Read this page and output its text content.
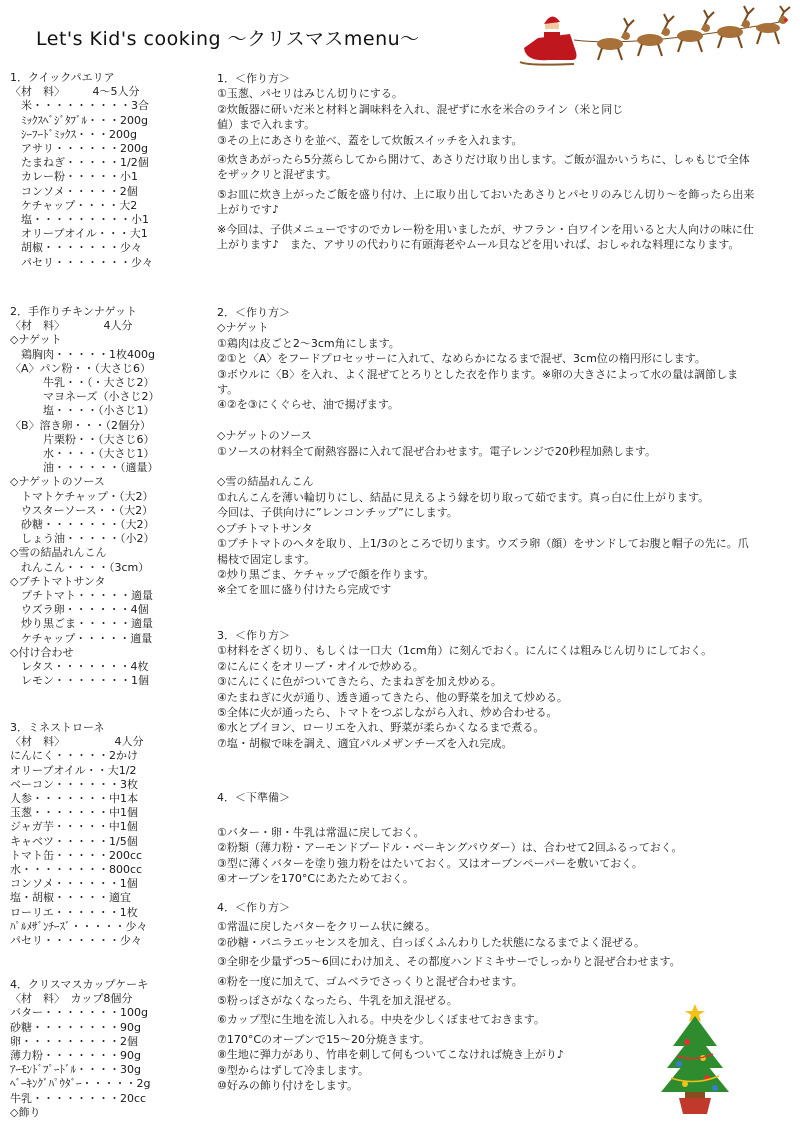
Let's Kid's cooking ～クリスマスmenu～
1．クイックパエリア
〈材　料〉　　　4～5人分
　米・・・・・・・・・3合
　ﾐｯｸｽﾍﾞｼﾞﾀﾌﾞﾙ・・・200g
　ｼｰﾌｰﾄﾞﾐｯｸｽ・・・200g
　アサリ・・・・・・200g
　たまねぎ・・・・・1/2個
　カレー粉・・・・・小1
　コンソメ・・・・・2個
　ケチャップ・・・・大2
　塩・・・・・・・・・小1
　オリーブオイル・・・大1
　胡椒・・・・・・・少々
　パセリ・・・・・・・少々
1．＜作り方＞
①玉葱、パセリはみじん切りにする。
②炊飯器に研いだ米と材料と調味料を入れ、混ぜずに水を米合のライン（米と同じ
値）まで入れます。
③その上にあさりを並べ、蓋をして炊飯スイッチを入れます。
④炊きあがったら5分蒸らしてから開けて、あさりだけ取り出します。ご飯が温かいうちに、しゃもじで全体
をザックリと混ぜます。
⑤お皿に炊き上がったご飯を盛り付け、上に取り出しておいたあさりとパセリのみじん切り～を飾ったら出来
上がりです♪
※今回は、子供メニューですのでカレー粉を用いましたが、サフラン・白ワインを用いると大人向けの味に仕
上がります♪　また、アサリの代わりに有頭海老やムール貝などを用いれば、おしゃれな料理になります。
2．手作りチキンナゲット
〈材　料〉　　　　4人分
◇ナゲット
　鶏胸肉・・・・・1枚400g
〈A〉パン粉・・（大さじ6）
　　　牛乳・・（・大さじ2）
　　　マヨネーズ（小さじ2）
　　　塩・・・・（小さじ1）
〈B〉溶き卵・・・（2個分）
　　　片栗粉・・（大さじ6）
　　　水・・・・（大さじ1）
　　　油・・・・・・（適量）
◇ナゲットのソース
　トマトケチャップ・（大2）
　ウスターソース・・（大2）
　砂糖・・・・・・・（大2）
　しょう油・・・・・（小2）
◇雪の結晶れんこん
　れんこん・・・・（3cm）
◇プチトマトサンタ
　プチトマト・・・・・適量
　ウズラ卵・・・・・・4個
　炒り黒ごま・・・・・適量
　ケチャップ・・・・・適量
◇付け合わせ
　レタス・・・・・・・4枚
　レモン・・・・・・・1個
2．＜作り方＞
◇ナゲット
①鶏肉は皮ごと2～3cm角にします。
②①と〈A〉をフードプロセッサーに入れて、なめらかになるまで混ぜ、3cm位の楕円形にします。
③ボウルに〈B〉を入れ、よく混ぜてとろりとした衣を作ります。※卵の大きさによって水の量は調節しま
す。
④②を③にくぐらせ、油で揚げます。

◇ナゲットのソース
①ソースの材料全て耐熱容器に入れて混ぜ合わせます。電子レンジで20秒程加熱します。

◇雪の結晶れんこん
①れんこんを薄い輪切りにし、結晶に見えるよう縁を切り取って茹でます。真っ白に仕上がります。
今回は、子供向けに”レンコンチップ”にします。
◇プチトマトサンタ
①プチトマトのヘタを取り、上1/3のところで切ります。ウズラ卵（顔）をサンドしてお腹と帽子の先に。爪
楊枝で固定します。
②炒り黒ごま、ケチャップで顔を作ります。
※全てを皿に盛り付けたら完成です
3．＜作り方＞
①材料をざく切り、もしくは一口大（1cm角）に刻んでおく。にんにくは粗みじん切りにしておく。
②にんにくをオリーブ・オイルで炒める。
③にんにくに色がついてきたら、たまねぎを加え炒める。
④たまねぎに火が通り、透き通ってきたら、他の野菜を加えて炒める。
⑤全体に火が通ったら、トマトをつぶしながら入れ、炒め合わせる。
⑥水とブイヨン、ローリエを入れ、野菜が柔らかくなるまで煮る。
⑦塩・胡椒で味を調え、適宜パルメザンチーズを入れ完成。
3．ミネストローネ
〈材　料〉　　　　　4人分
にんにく・・・・・2かけ
オリーブオイル・・大1/2
ベーコン・・・・・・3枚
人参・・・・・・・中1本
玉葱・・・・・・・中1個
ジャガ芋・・・・・中1個
キャベツ・・・・・1/5個
トマト缶・・・・・200cc
水・・・・・・・・800cc
コンソメ・・・・・・1個
塩・胡椒・・・・・適宜
ローリエ・・・・・・1枚
ﾊﾟﾙﾒｻﾞﾝﾁｰｽﾞ・・・・・少々
パセリ・・・・・・・少々
4．＜下準備＞

①バター・卵・牛乳は常温に戻しておく。
②粉類（薄力粉・アーモンドプードル・ベーキングパウダー）は、合わせて2回ふるっておく。
③型に薄くバターを塗り強力粉をはたいておく。又はオーブンペーパーを敷いておく。
④オーブンを170°Cにあたためておく。
4．クリスマスカップケーキ
〈材　料〉　カップ8個分
バター・・・・・・・100g
砂糖・・・・・・・・90g
卵・・・・・・・・・2個
薄力粉・・・・・・・90g
ｱｰﾓﾝﾄﾞﾌﾟｰﾄﾞﾙ・・・・30g
ﾍﾞｰｷﾝｸﾞﾊﾟｳﾀﾞｰ・・・・・2g
牛乳・・・・・・・・20cc
◇飾り
4．＜作り方＞
①常温に戻したバターをクリーム状に練る。
②砂糖・バニラエッセンスを加え、白っぽくふんわりした状態になるまでよく混ぜる。
③全卵を少量ずつ5～6回にわけ加え、その都度ハンドミキサーでしっかりと混ぜ合わせます。
④粉を一度に加えて、ゴムベラでさっくりと混ぜ合わせます。
⑤粉っぽさがなくなったら、牛乳を加え混ぜる。
⑥カップ型に生地を流し入れる。中央を少しくぼませておきます。
⑦170°Cのオーブンで15～20分焼きます。
⑧生地に弾力があり、竹串を刺して何もついてこなければ焼き上がり♪
⑨型からはずして冷まします。
⑩好みの飾り付けをします。
